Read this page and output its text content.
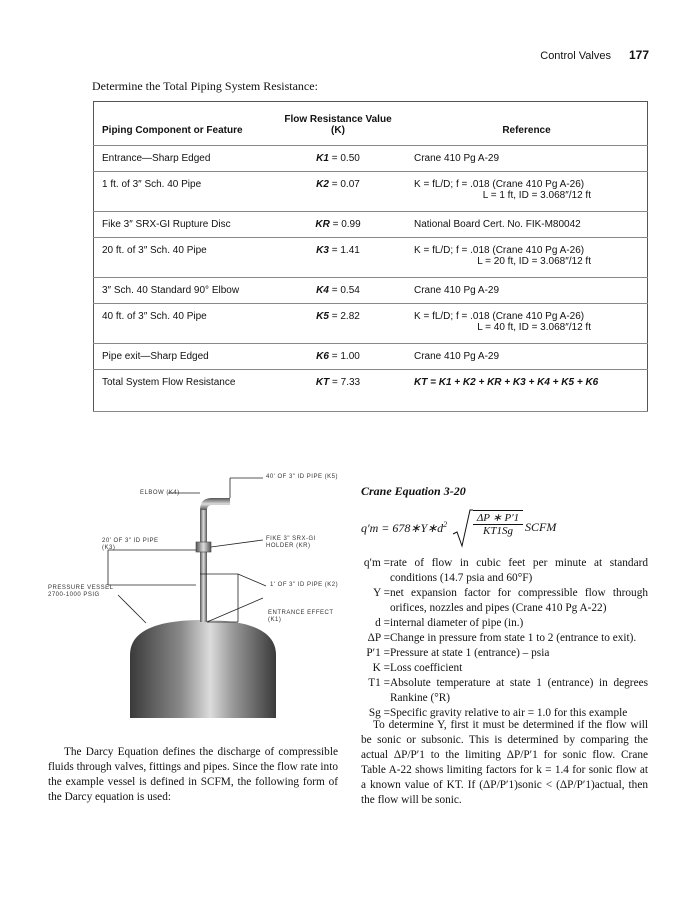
Control Valves 177
Determine the Total Piping System Resistance:
Piping Component or Feature	Flow Resistance Value (K)	Reference
Entrance—Sharp Edged	K1 = 0.50	Crane 410 Pg A-29

1 ft. of 3″ Sch. 40 Pipe	K2 = 0.07	K = fL/D; f = .018 (Crane 410 Pg A-26)
L = 1 ft, ID = 3.068″/12 ft

Fike 3″ SRX-GI Rupture Disc	KR = 0.99	National Board Cert. No. FIK-M80042

20 ft. of 3″ Sch. 40 Pipe	K3 = 1.41	K = fL/D; f = .018 (Crane 410 Pg A-26)
L = 20 ft, ID = 3.068″/12 ft

3″ Sch. 40 Standard 90° Elbow	K4 = 0.54	Crane 410 Pg A-29

40 ft. of 3″ Sch. 40 Pipe	K5 = 2.82	K = fL/D; f = .018 (Crane 410 Pg A-26)
L = 40 ft, ID = 3.068″/12 ft

Pipe exit—Sharp Edged	K6 = 1.00	Crane 410 Pg A-29

Total System Flow Resistance	KT = 7.33	KT = K1 + K2 + KR + K3 + K4 + K5 + K6
40' OF 3" ID PIPE (K5)
ELBOW (K4)
20' OF 3" ID PIPE (K3)
FIKE 3" SRX-GI HOLDER (KR)
PRESSURE VESSEL 2700-1000 PSIG
1' OF 3" ID PIPE (K2)
ENTRANCE EFFECT (K1)
Crane Equation 3-20
$q'm = 678∗Y∗d^2 \frac{\Delta P ∗ P'1}{KT1Sg}$ SCFM
q′m = rate of flow in cubic feet per minute at standard conditions (14.7 psia and 60°F)
Y = net expansion factor for compressible flow through orifices, nozzles and pipes (Crane 410 Pg A-22)
d = internal diameter of pipe (in.)
ΔP = Change in pressure from state 1 to 2 (entrance to exit).
P′1 = Pressure at state 1 (entrance) – psia
K = Loss coefficient
T1 = Absolute temperature at state 1 (entrance) in degrees Rankine (°R)
Sg = Specific gravity relative to air = 1.0 for this example
To determine Y, first it must be determined if the flow will be sonic or subsonic. This is determined by comparing the actual ΔP/P′1 to the limiting ΔP/P′1 for sonic flow. Crane Table A-22 shows limiting factors for k = 1.4 for sonic flow at a known value of KT. If (ΔP/P′1)sonic < (ΔP/P′1)actual, then the flow will be sonic.
The Darcy Equation defines the discharge of compressible fluids through valves, fittings and pipes. Since the flow rate into the example vessel is defined in SCFM, the following form of the Darcy equation is used:
